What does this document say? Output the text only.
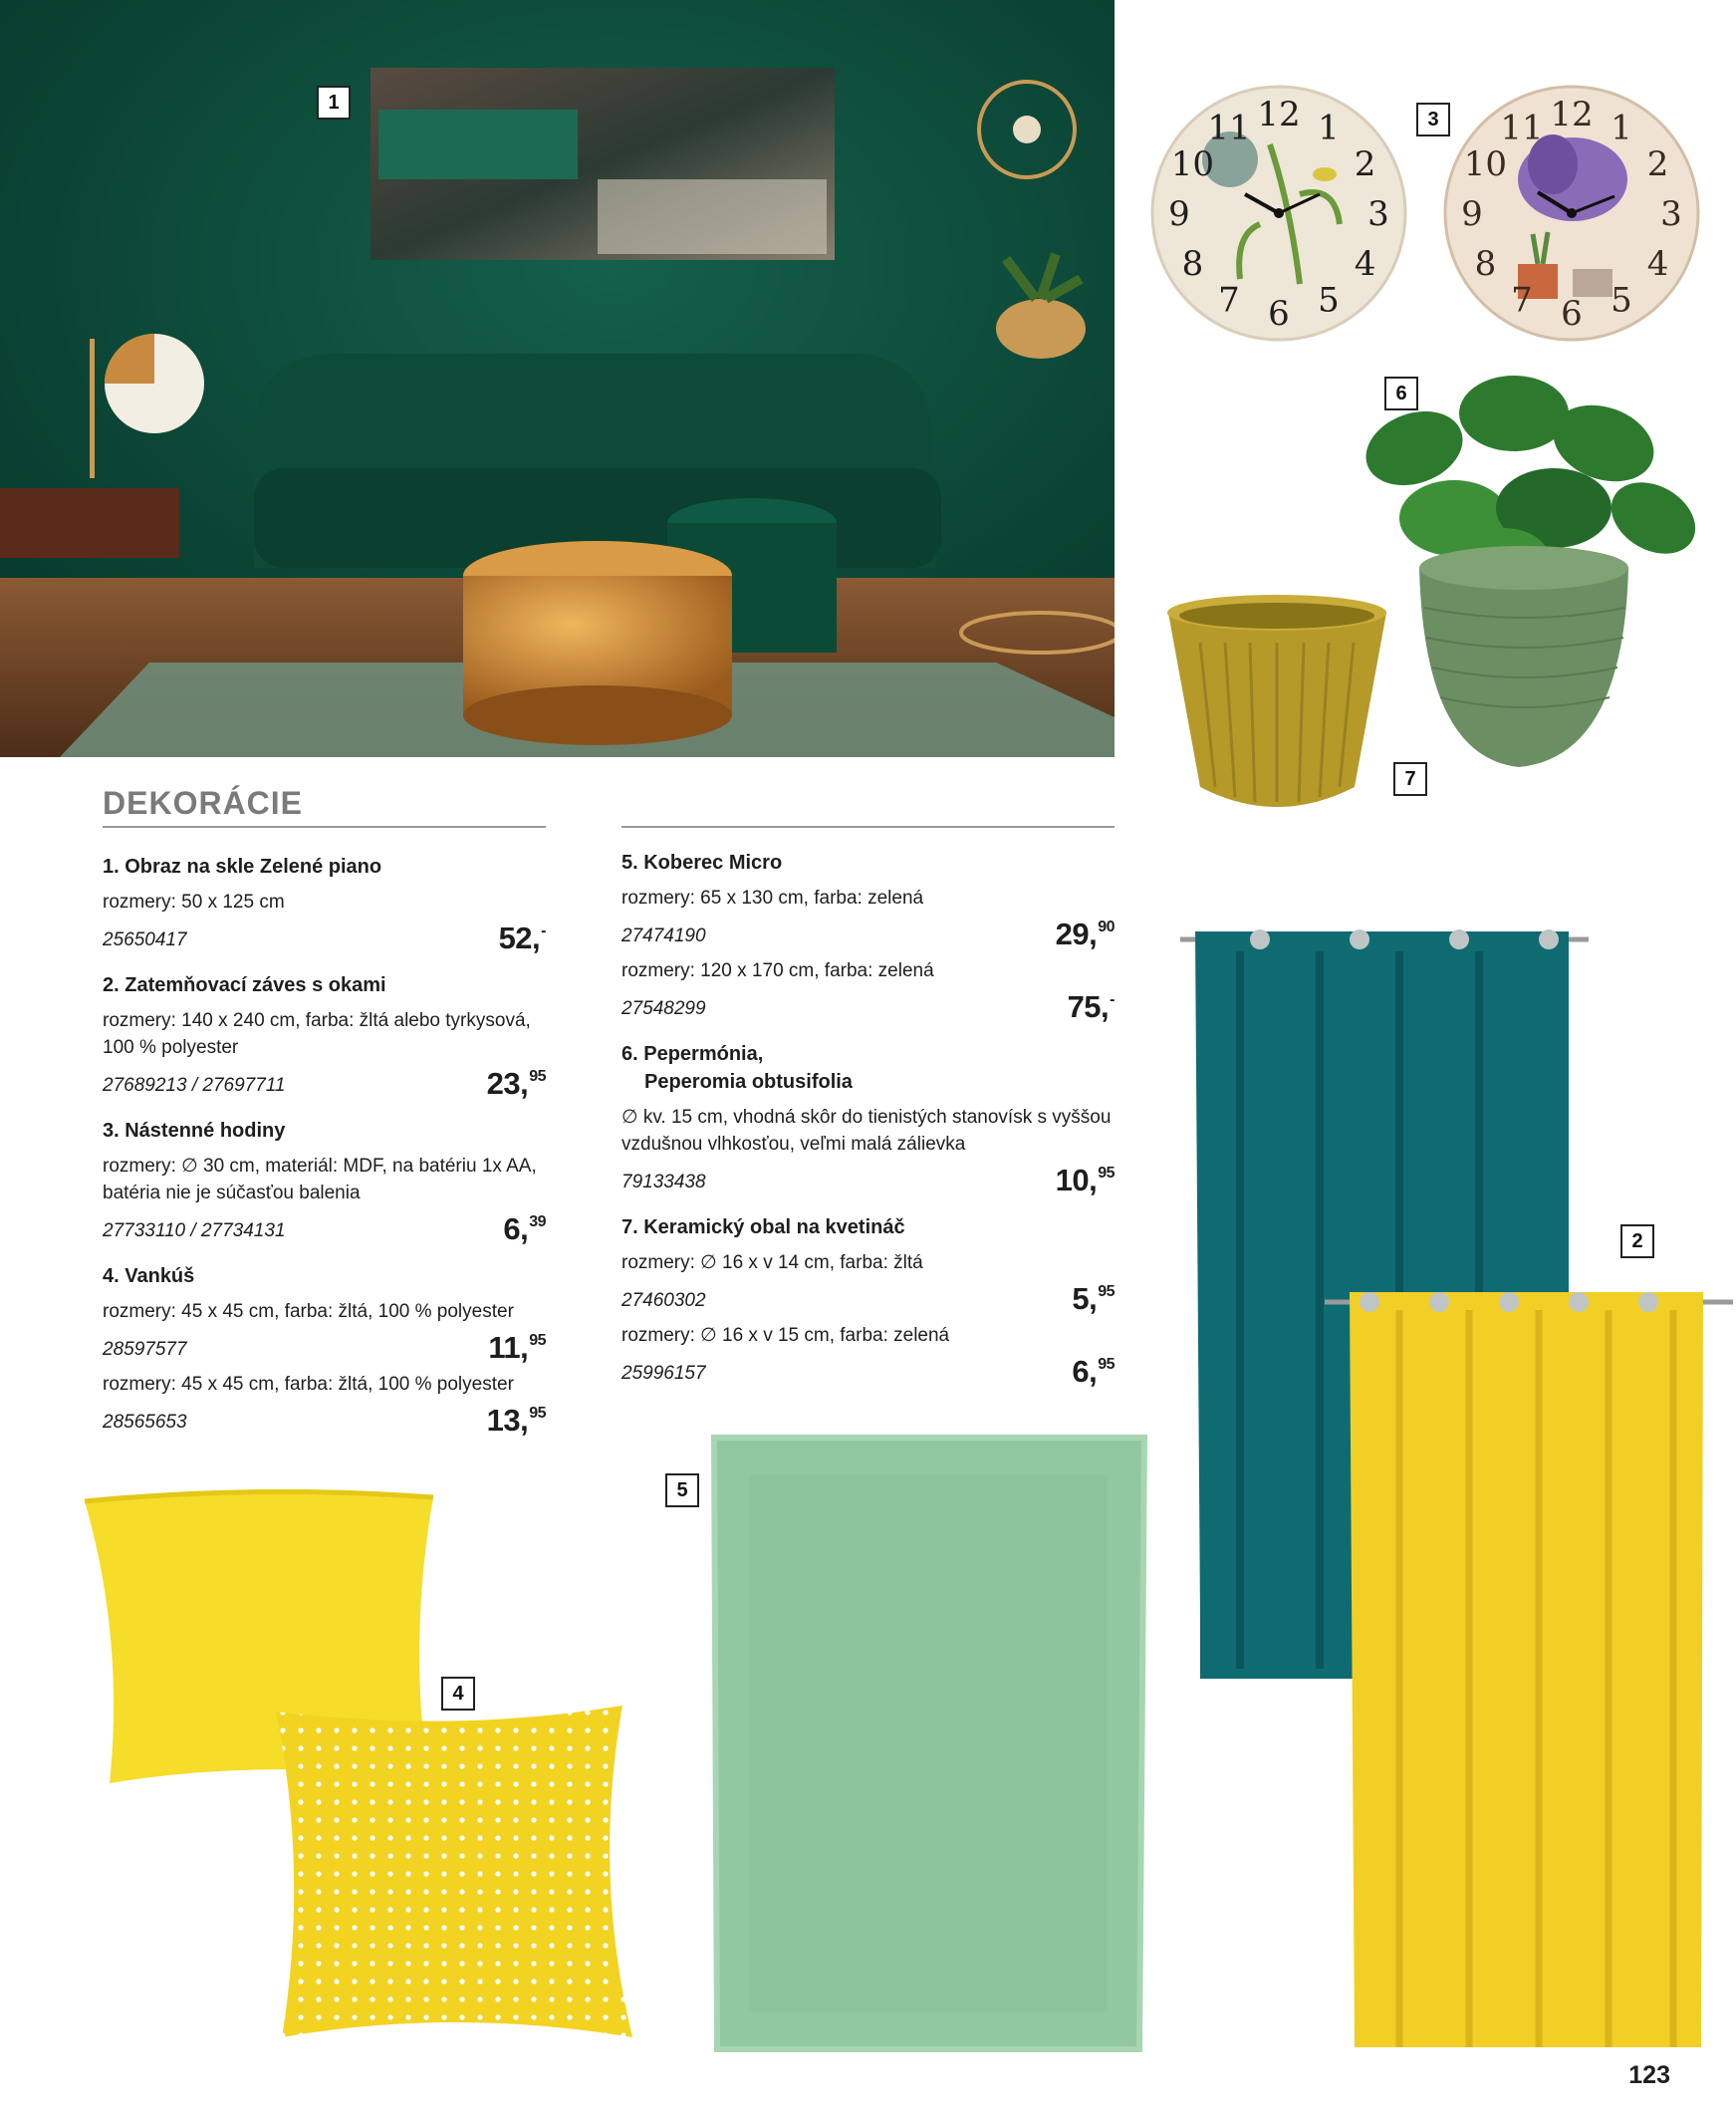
1
3
6
7
2
4
5
12 1
2
3
4
5
6
7
8
9
10
11	12 1
2
3
4
5
6
7
8
9
10
11
DEKORÁCIE
1. Obraz na skle Zelené piano

rozmery: 50 x 125 cm

25650417	52,-
2. Zatemňovací záves s okami

rozmery: 140 x 240 cm, farba: žltá alebo tyrkysová, 100 % polyester

27689213 / 27697711	23,95
3. Nástenné hodiny

rozmery: ∅ 30 cm, materiál: MDF, na batériu 1x AA, batéria nie je súčasťou balenia

27733110 / 27734131	6,39
4. Vankúš

rozmery: 45 x 45 cm, farba: žltá, 100 % polyester

28597577	11,95

rozmery: 45 x 45 cm, farba: žltá, 100 % polyester

28565653	13,95
5. Koberec Micro

rozmery: 65 x 130 cm, farba: zelená

27474190	29,90

rozmery: 120 x 170 cm, farba: zelená

27548299	75,-
6. Pepermónia,
Peperomia obtusifolia

∅ kv. 15 cm, vhodná skôr do tienistých stanovísk s vyššou vzdušnou vlhkosťou, veľmi malá zálievka

79133438	10,95
7. Keramický obal na kvetináč

rozmery: ∅ 16 x v 14 cm, farba: žltá

27460302	5,95

rozmery: ∅ 16 x v 15 cm, farba: zelená

25996157	6,95
123
